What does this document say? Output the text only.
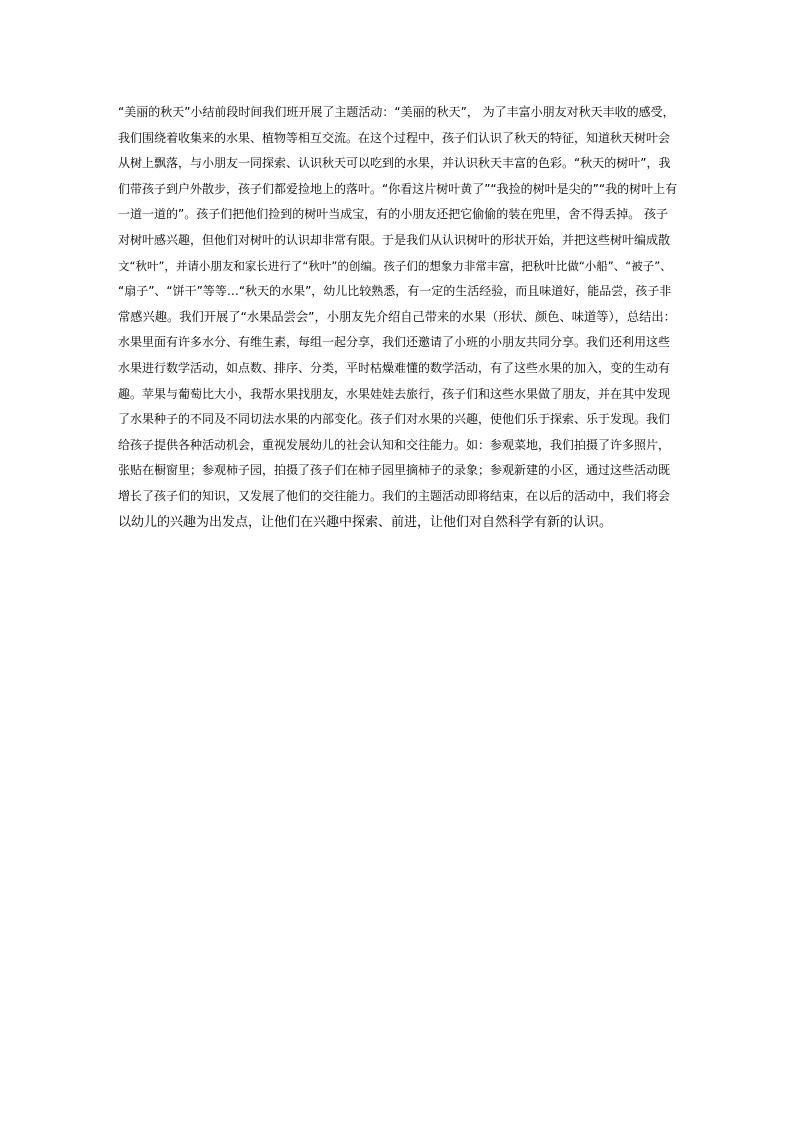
“美丽的秋天”小结前段时间我们班开展了主题活动：“美丽的秋天”， 为了丰富小朋友对秋天丰收的感受，
我们围绕着收集来的水果、植物等相互交流。在这个过程中，孩子们认识了秋天的特征，知道秋天树叶会
从树上飘落，与小朋友一同探索、认识秋天可以吃到的水果，并认识秋天丰富的色彩。“秋天的树叶”，我
们带孩子到户外散步，孩子们都爱捡地上的落叶。“你看这片树叶黄了”“我捡的树叶是尖的”“我的树叶上有
一道一道的”。孩子们把他们捡到的树叶当成宝，有的小朋友还把它偷偷的装在兜里，舍不得丢掉。 孩子
对树叶感兴趣，但他们对树叶的认识却非常有限。于是我们从认识树叶的形状开始，并把这些树叶编成散
文“秋叶”，并请小朋友和家长进行了“秋叶”的创编。孩子们的想象力非常丰富，把秋叶比做“小船”、“被子”、
“扇子”、“饼干”等等…“秋天的水果”，幼儿比较熟悉，有一定的生活经验，而且味道好，能品尝，孩子非
常感兴趣。我们开展了“水果品尝会”，小朋友先介绍自己带来的水果（形状、颜色、味道等），总结出：
水果里面有许多水分、有维生素，每组一起分享，我们还邀请了小班的小朋友共同分享。我们还利用这些
水果进行数学活动，如点数、排序、分类，平时枯燥难懂的数学活动，有了这些水果的加入，变的生动有
趣。苹果与葡萄比大小，我帮水果找朋友，水果娃娃去旅行，孩子们和这些水果做了朋友，并在其中发现
了水果种子的不同及不同切法水果的内部变化。孩子们对水果的兴趣，使他们乐于探索、乐于发现。我们
给孩子提供各种活动机会，重视发展幼儿的社会认知和交往能力。如：参观菜地，我们拍摄了许多照片，
张贴在橱窗里；参观柿子园，拍摄了孩子们在柿子园里摘柿子的录象；参观新建的小区，通过这些活动既
增长了孩子们的知识，又发展了他们的交往能力。我们的主题活动即将结束，在以后的活动中，我们将会
以幼儿的兴趣为出发点，让他们在兴趣中探索、前进，让他们对自然科学有新的认识。
